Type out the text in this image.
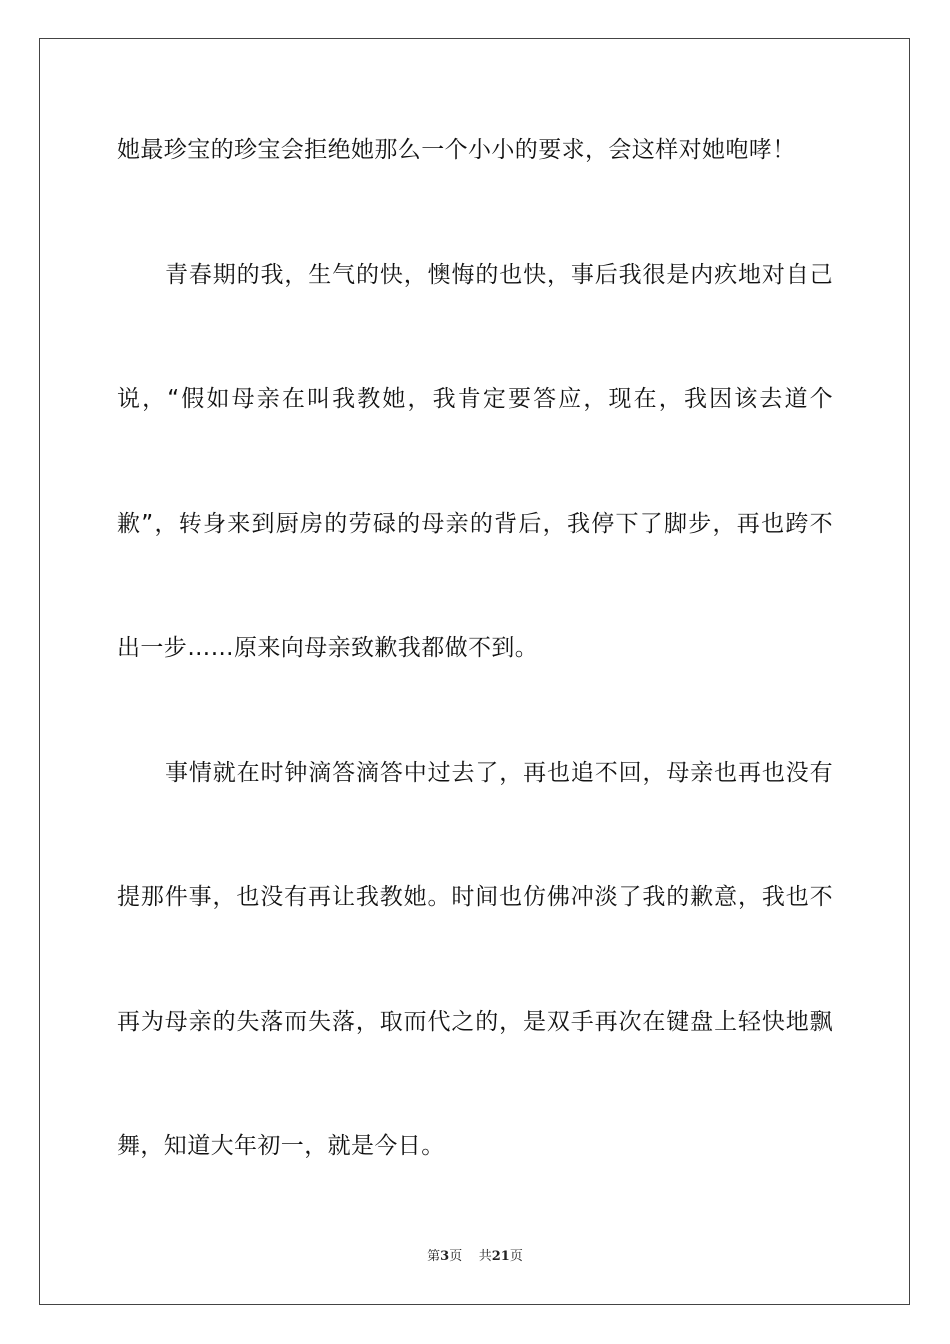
她最珍宝的珍宝会拒绝她那么一个小小的要求，会这样对她咆哮！
青春期的我，生气的快，懊悔的也快，事后我很是内疚地对自己
说，“假如母亲在叫我教她，我肯定要答应，现在，我因该去道个
歉”，转身来到厨房的劳碌的母亲的背后，我停下了脚步，再也跨不
出一步……原来向母亲致歉我都做不到。
事情就在时钟滴答滴答中过去了，再也追不回，母亲也再也没有
提那件事，也没有再让我教她。时间也仿佛冲淡了我的歉意，我也不
再为母亲的失落而失落，取而代之的，是双手再次在键盘上轻快地飘
舞，知道大年初一，就是今日。
第3页 共21页
